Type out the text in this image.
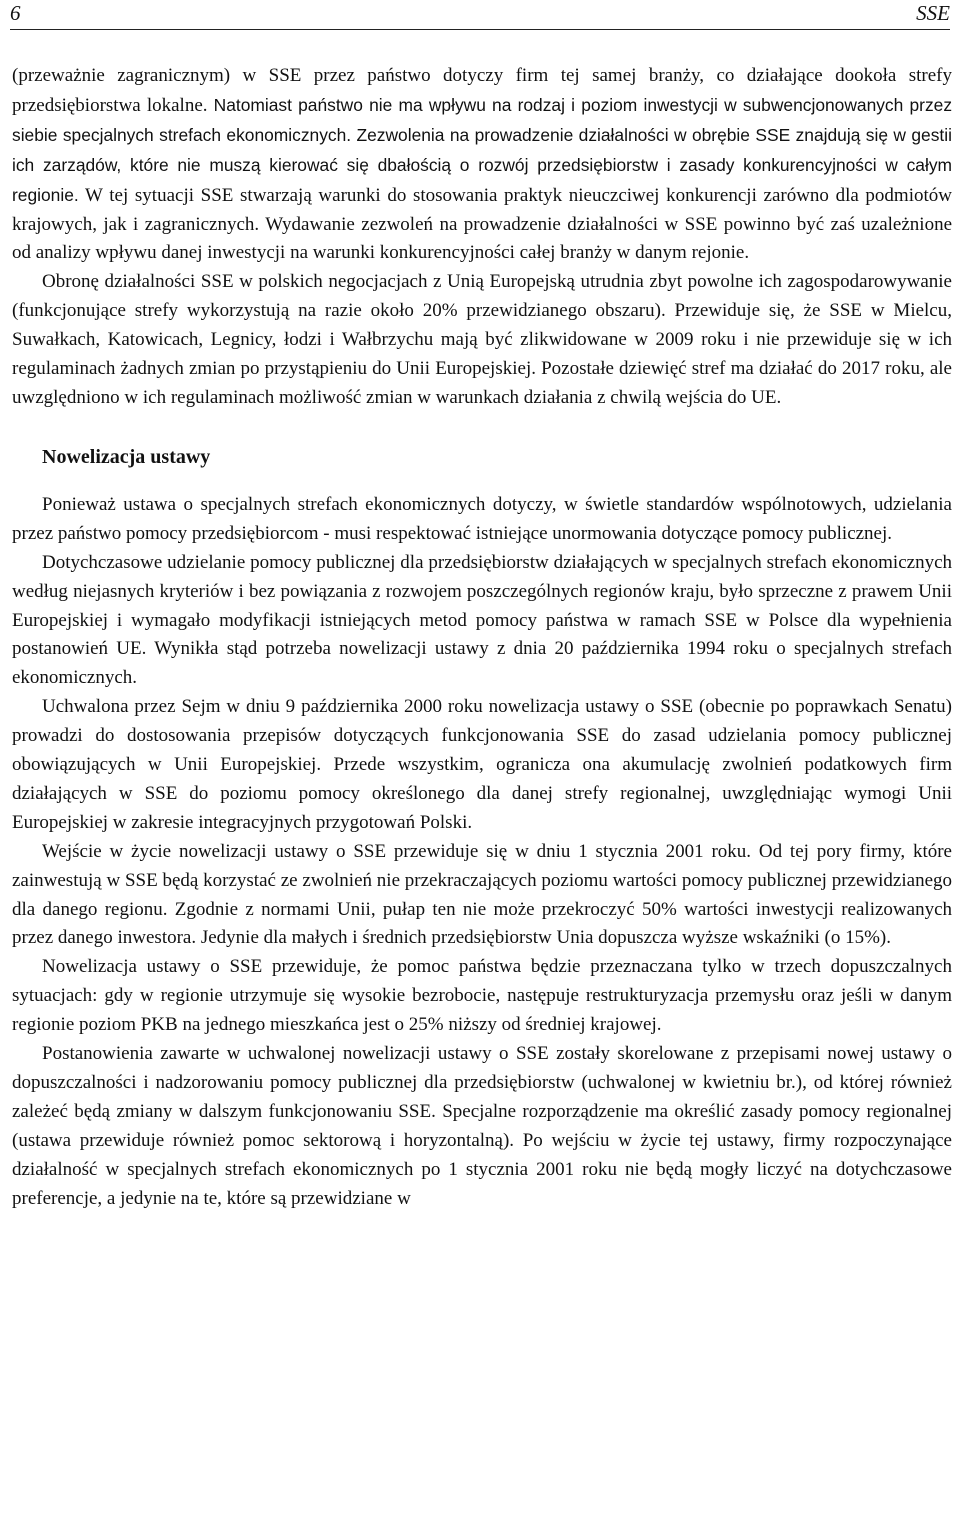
6	SSE

(przeważnie zagranicznym) w SSE przez państwo dotyczy firm tej samej branży, co działające dookoła strefy przedsiębiorstwa lokalne. Natomiast państwo nie ma wpływu na rodzaj i poziom inwestycji w subwencjonowanych przez siebie specjalnych strefach ekonomicznych. Zezwolenia na prowadzenie działalności w obrębie SSE znajdują się w gestii ich zarządów, które nie muszą kierować się dbałością o rozwój przedsiębiorstw i zasady konkurencyjności w całym regionie. W tej sytuacji SSE stwarzają warunki do stosowania praktyk nieuczciwej konkurencji zarówno dla podmiotów krajowych, jak i zagranicznych. Wydawanie zezwoleń na prowadzenie działalności w SSE powinno być zaś uzależnione od analizy wpływu danej inwestycji na warunki konkurencyjności całej branży w danym rejonie.

Obronę działalności SSE w polskich negocjacjach z Unią Europejską utrudnia zbyt powolne ich zagospodarowywanie (funkcjonujące strefy wykorzystują na razie około 20% przewidzianego obszaru). Przewiduje się, że SSE w Mielcu, Suwałkach, Katowicach, Legnicy, łodzi i Wałbrzychu mają być zlikwidowane w 2009 roku i nie przewiduje się w ich regulaminach żadnych zmian po przystąpieniu do Unii Europejskiej. Pozostałe dziewięć stref ma działać do 2017 roku, ale uwzględniono w ich regulaminach możliwość zmian w warunkach działania z chwilą wejścia do UE.

Nowelizacja ustawy

Ponieważ ustawa o specjalnych strefach ekonomicznych dotyczy, w świetle standardów wspólnotowych, udzielania przez państwo pomocy przedsiębiorcom - musi respektować istniejące unormowania dotyczące pomocy publicznej.

Dotychczasowe udzielanie pomocy publicznej dla przedsiębiorstw działających w specjalnych strefach ekonomicznych według niejasnych kryteriów i bez powiązania z rozwojem poszczególnych regionów kraju, było sprzeczne z prawem Unii Europejskiej i wymagało modyfikacji istniejących metod pomocy państwa w ramach SSE w Polsce dla wypełnienia postanowień UE. Wynikła stąd potrzeba nowelizacji ustawy z dnia 20 października 1994 roku o specjalnych strefach ekonomicznych.

Uchwalona przez Sejm w dniu 9 października 2000 roku nowelizacja ustawy o SSE (obecnie po poprawkach Senatu) prowadzi do dostosowania przepisów dotyczących funkcjonowania SSE do zasad udzielania pomocy publicznej obowiązujących w Unii Europejskiej. Przede wszystkim, ogranicza ona akumulację zwolnień podatkowych firm działających w SSE do poziomu pomocy określonego dla danej strefy regionalnej, uwzględniając wymogi Unii Europejskiej w zakresie integracyjnych przygotowań Polski.

Wejście w życie nowelizacji ustawy o SSE przewiduje się w dniu 1 stycznia 2001 roku. Od tej pory firmy, które zainwestują w SSE będą korzystać ze zwolnień nie przekraczających poziomu wartości pomocy publicznej przewidzianego dla danego regionu. Zgodnie z normami Unii, pułap ten nie może przekroczyć 50% wartości inwestycji realizowanych przez danego inwestora. Jedynie dla małych i średnich przedsiębiorstw Unia dopuszcza wyższe wskaźniki (o 15%).

Nowelizacja ustawy o SSE przewiduje, że pomoc państwa będzie przeznaczana tylko w trzech dopuszczalnych sytuacjach: gdy w regionie utrzymuje się wysokie bezrobocie, następuje restrukturyzacja przemysłu oraz jeśli w danym regionie poziom PKB na jednego mieszkańca jest o 25% niższy od średniej krajowej.

Postanowienia zawarte w uchwalonej nowelizacji ustawy o SSE zostały skorelowane z przepisami nowej ustawy o dopuszczalności i nadzorowaniu pomocy publicznej dla przedsiębiorstw (uchwalonej w kwietniu br.), od której również zależeć będą zmiany w dalszym funkcjonowaniu SSE. Specjalne rozporządzenie ma określić zasady pomocy regionalnej (ustawa przewiduje również pomoc sektorową i horyzontalną). Po wejściu w życie tej ustawy, firmy rozpoczynające działalność w specjalnych strefach ekonomicznych po 1 stycznia 2001 roku nie będą mogły liczyć na dotychczasowe preferencje, a jedynie na te, które są przewidziane w
